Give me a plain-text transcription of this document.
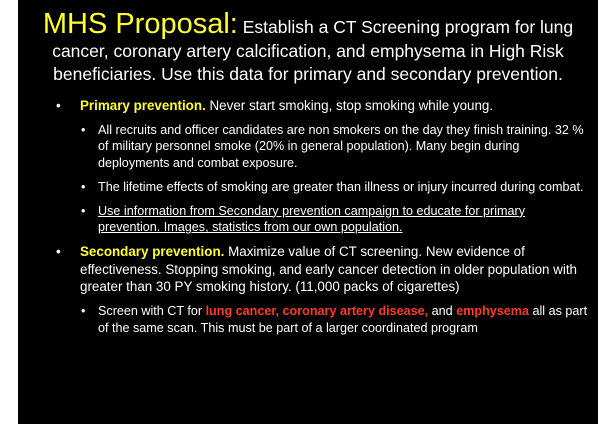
MHS Proposal: Establish a CT Screening program for lung cancer, coronary artery calcification, and emphysema in High Risk beneficiaries. Use this data for primary and secondary prevention.
• Primary prevention. Never start smoking, stop smoking while young.
• All recruits and officer candidates are non smokers on the day they finish training. 32 % of military personnel smoke (20% in general population). Many begin during deployments and combat exposure.
• The lifetime effects of smoking are greater than illness or injury incurred during combat.
• Use information from Secondary prevention campaign to educate for primary prevention. Images, statistics from our own population.
• Secondary prevention. Maximize value of CT screening. New evidence of effectiveness. Stopping smoking, and early cancer detection in older population with greater than 30 PY smoking history. (11,000 packs of cigarettes)
• Screen with CT for lung cancer, coronary artery disease, and emphysema all as part of the same scan. This must be part of a larger coordinated program
